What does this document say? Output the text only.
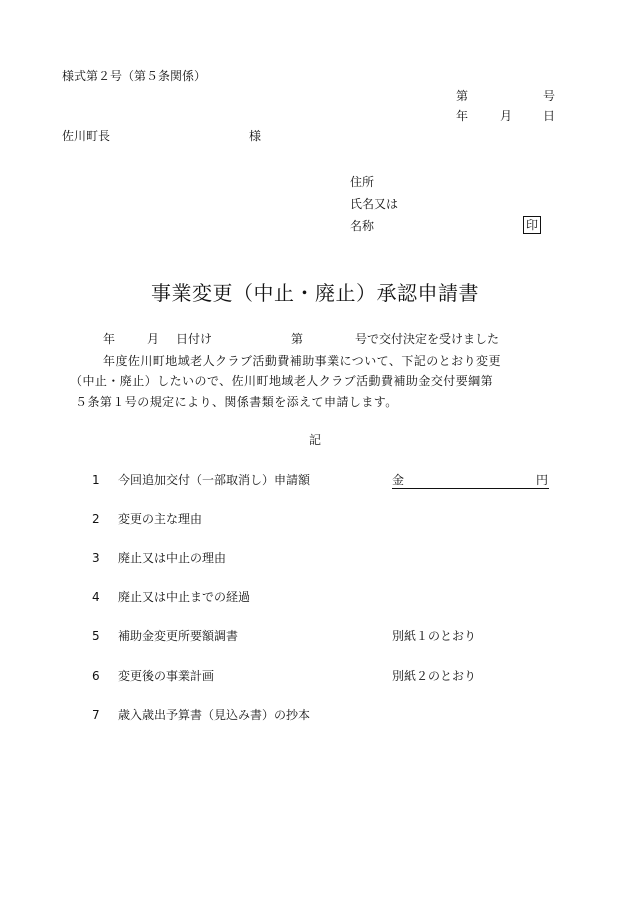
様式第２号（第５条関係）
第	号
年	月	日
佐川町長	様
住所
氏名又は
名称	印
事業変更（中止・廃止）承認申請書
年	月 日付け	第	号で交付決定を受けました
年度佐川町地域老人クラブ活動費補助事業について、下記のとおり変更
（中止・廃止）したいので、佐川町地域老人クラブ活動費補助金交付要綱第
５条第１号の規定により、関係書類を添えて申請します。
記
1 今回追加交付（一部取消し）申請額	金	円
2 変更の主な理由
3 廃止又は中止の理由
4 廃止又は中止までの経過
5 補助金変更所要額調書	別紙１のとおり
6 変更後の事業計画	別紙２のとおり
7 歳入歳出予算書（見込み書）の抄本
